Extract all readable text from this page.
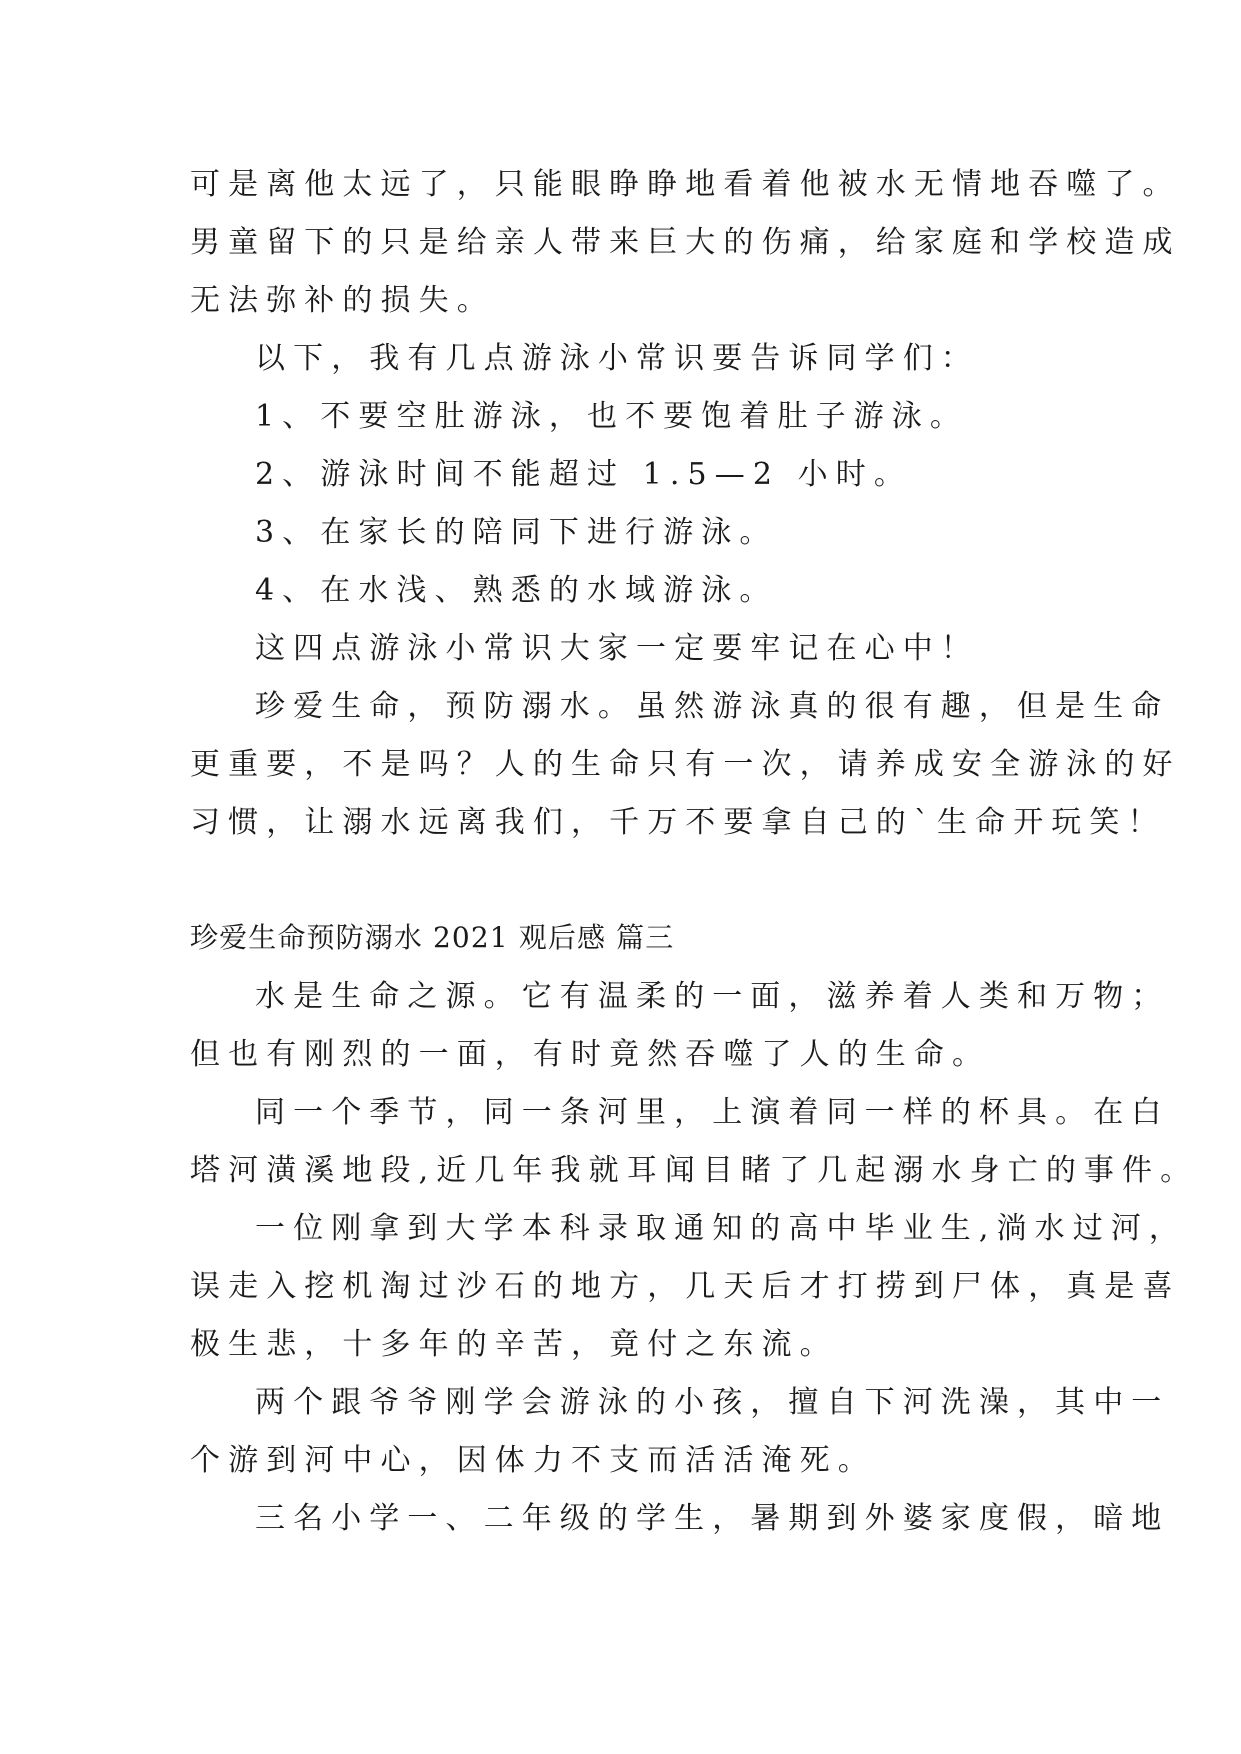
可是离他太远了，只能眼睁睁地看着他被水无情地吞噬了。
男童留下的只是给亲人带来巨大的伤痛，给家庭和学校造成
无法弥补的损失。
以下，我有几点游泳小常识要告诉同学们：
1、不要空肚游泳，也不要饱着肚子游泳。
2、游泳时间不能超过 1.5—2 小时。
3、在家长的陪同下进行游泳。
4、在水浅、熟悉的水域游泳。
这四点游泳小常识大家一定要牢记在心中！
珍爱生命，预防溺水。虽然游泳真的很有趣，但是生命
更重要，不是吗？人的生命只有一次，请养成安全游泳的好
习惯，让溺水远离我们，千万不要拿自己的`生命开玩笑！
珍爱生命预防溺水 2021 观后感 篇三
水是生命之源。它有温柔的一面，滋养着人类和万物；
但也有刚烈的一面，有时竟然吞噬了人的生命。
同一个季节，同一条河里，上演着同一样的杯具。在白
塔河潢溪地段,近几年我就耳闻目睹了几起溺水身亡的事件。
一位刚拿到大学本科录取通知的高中毕业生,淌水过河，
误走入挖机淘过沙石的地方，几天后才打捞到尸体，真是喜
极生悲，十多年的辛苦，竟付之东流。
两个跟爷爷刚学会游泳的小孩，擅自下河洗澡，其中一
个游到河中心，因体力不支而活活淹死。
三名小学一、二年级的学生，暑期到外婆家度假，暗地
